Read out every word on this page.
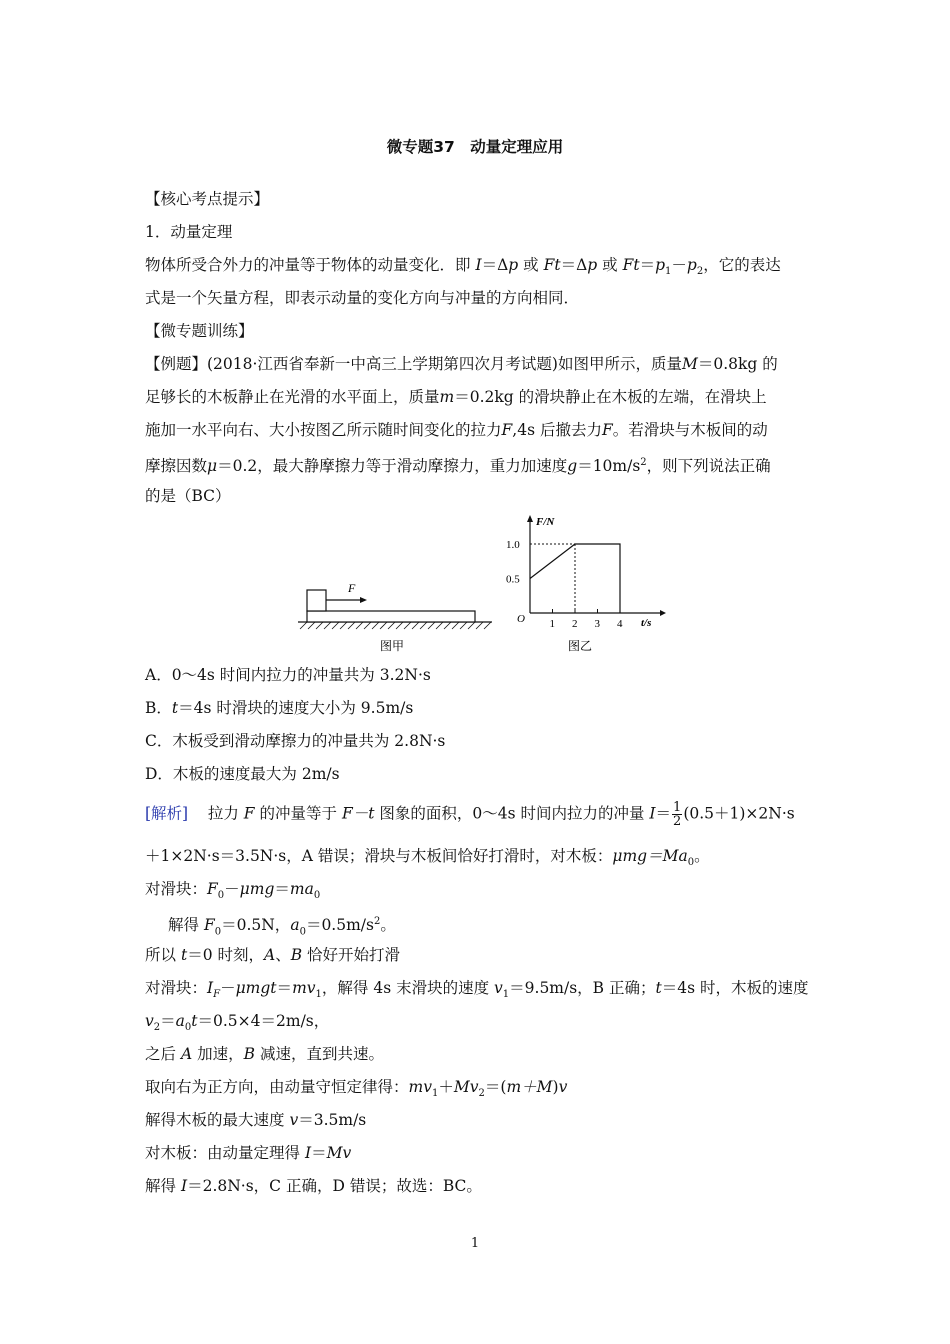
微专题37　动量定理应用
【核心考点提示】
1．动量定理
物体所受合外力的冲量等于物体的动量变化．即 I＝Δp 或 Ft＝Δp 或 $Ft=p_1-p_2$，它的表达
式是一个矢量方程，即表示动量的变化方向与冲量的方向相同．
【微专题训练】
【例题】(2018·江西省奉新一中高三上学期第四次月考试题)如图甲所示，质量M＝0.8kg 的
足够长的木板静止在光滑的水平面上，质量m＝0.2kg 的滑块静止在木板的左端，在滑块上
施加一水平向右、大小按图乙所示随时间变化的拉力F,4s 后撤去力F。若滑块与木板间的动
摩擦因数μ＝0.2，最大静摩擦力等于滑动摩擦力，重力加速度$g=10m/s^2$，则下列说法正确
的是（BC）
F
图甲
F/N
t/s
O 1 2 3 4
0.5
1.0
图乙
A．0～4s 时间内拉力的冲量共为 3.2N·s
B．t＝4s 时滑块的速度大小为 9.5m/s
C．木板受到滑动摩擦力的冲量共为 2.8N·s
D．木板的速度最大为 2m/s
[解析] 拉力 F 的冲量等于 F－t 图象的面积，0～4s 时间内拉力的冲量 $I= \frac{1}{2} (0.5+1)\times 2N\cdot s$
＋1×2N·s＝3.5N·s，A 错误；滑块与木板间恰好打滑时，对木板：$\mu mg=Ma_0$。
对滑块：$F_0-\mu mg=ma_0$
解得 $F_0=0.5N$，$a_0=0.5m/s^2$。
所以 t＝0 时刻，A、B 恰好开始打滑
对滑块：$I_F-\mu mgt=mv_1$，解得 4s 末滑块的速度 $v_1=9.5m/s$，B 正确；t＝4s 时，木板的速度
$v_2=a_0t=0.5\times 4=2m/s$，
之后 A 加速，B 减速，直到共速。
取向右为正方向，由动量守恒定律得：$mv_1+Mv_2=(m+M)v$
解得木板的最大速度 v＝3.5m/s
对木板：由动量定理得 I＝Mv
解得 I＝2.8N·s，C 正确，D 错误；故选：BC。
1
